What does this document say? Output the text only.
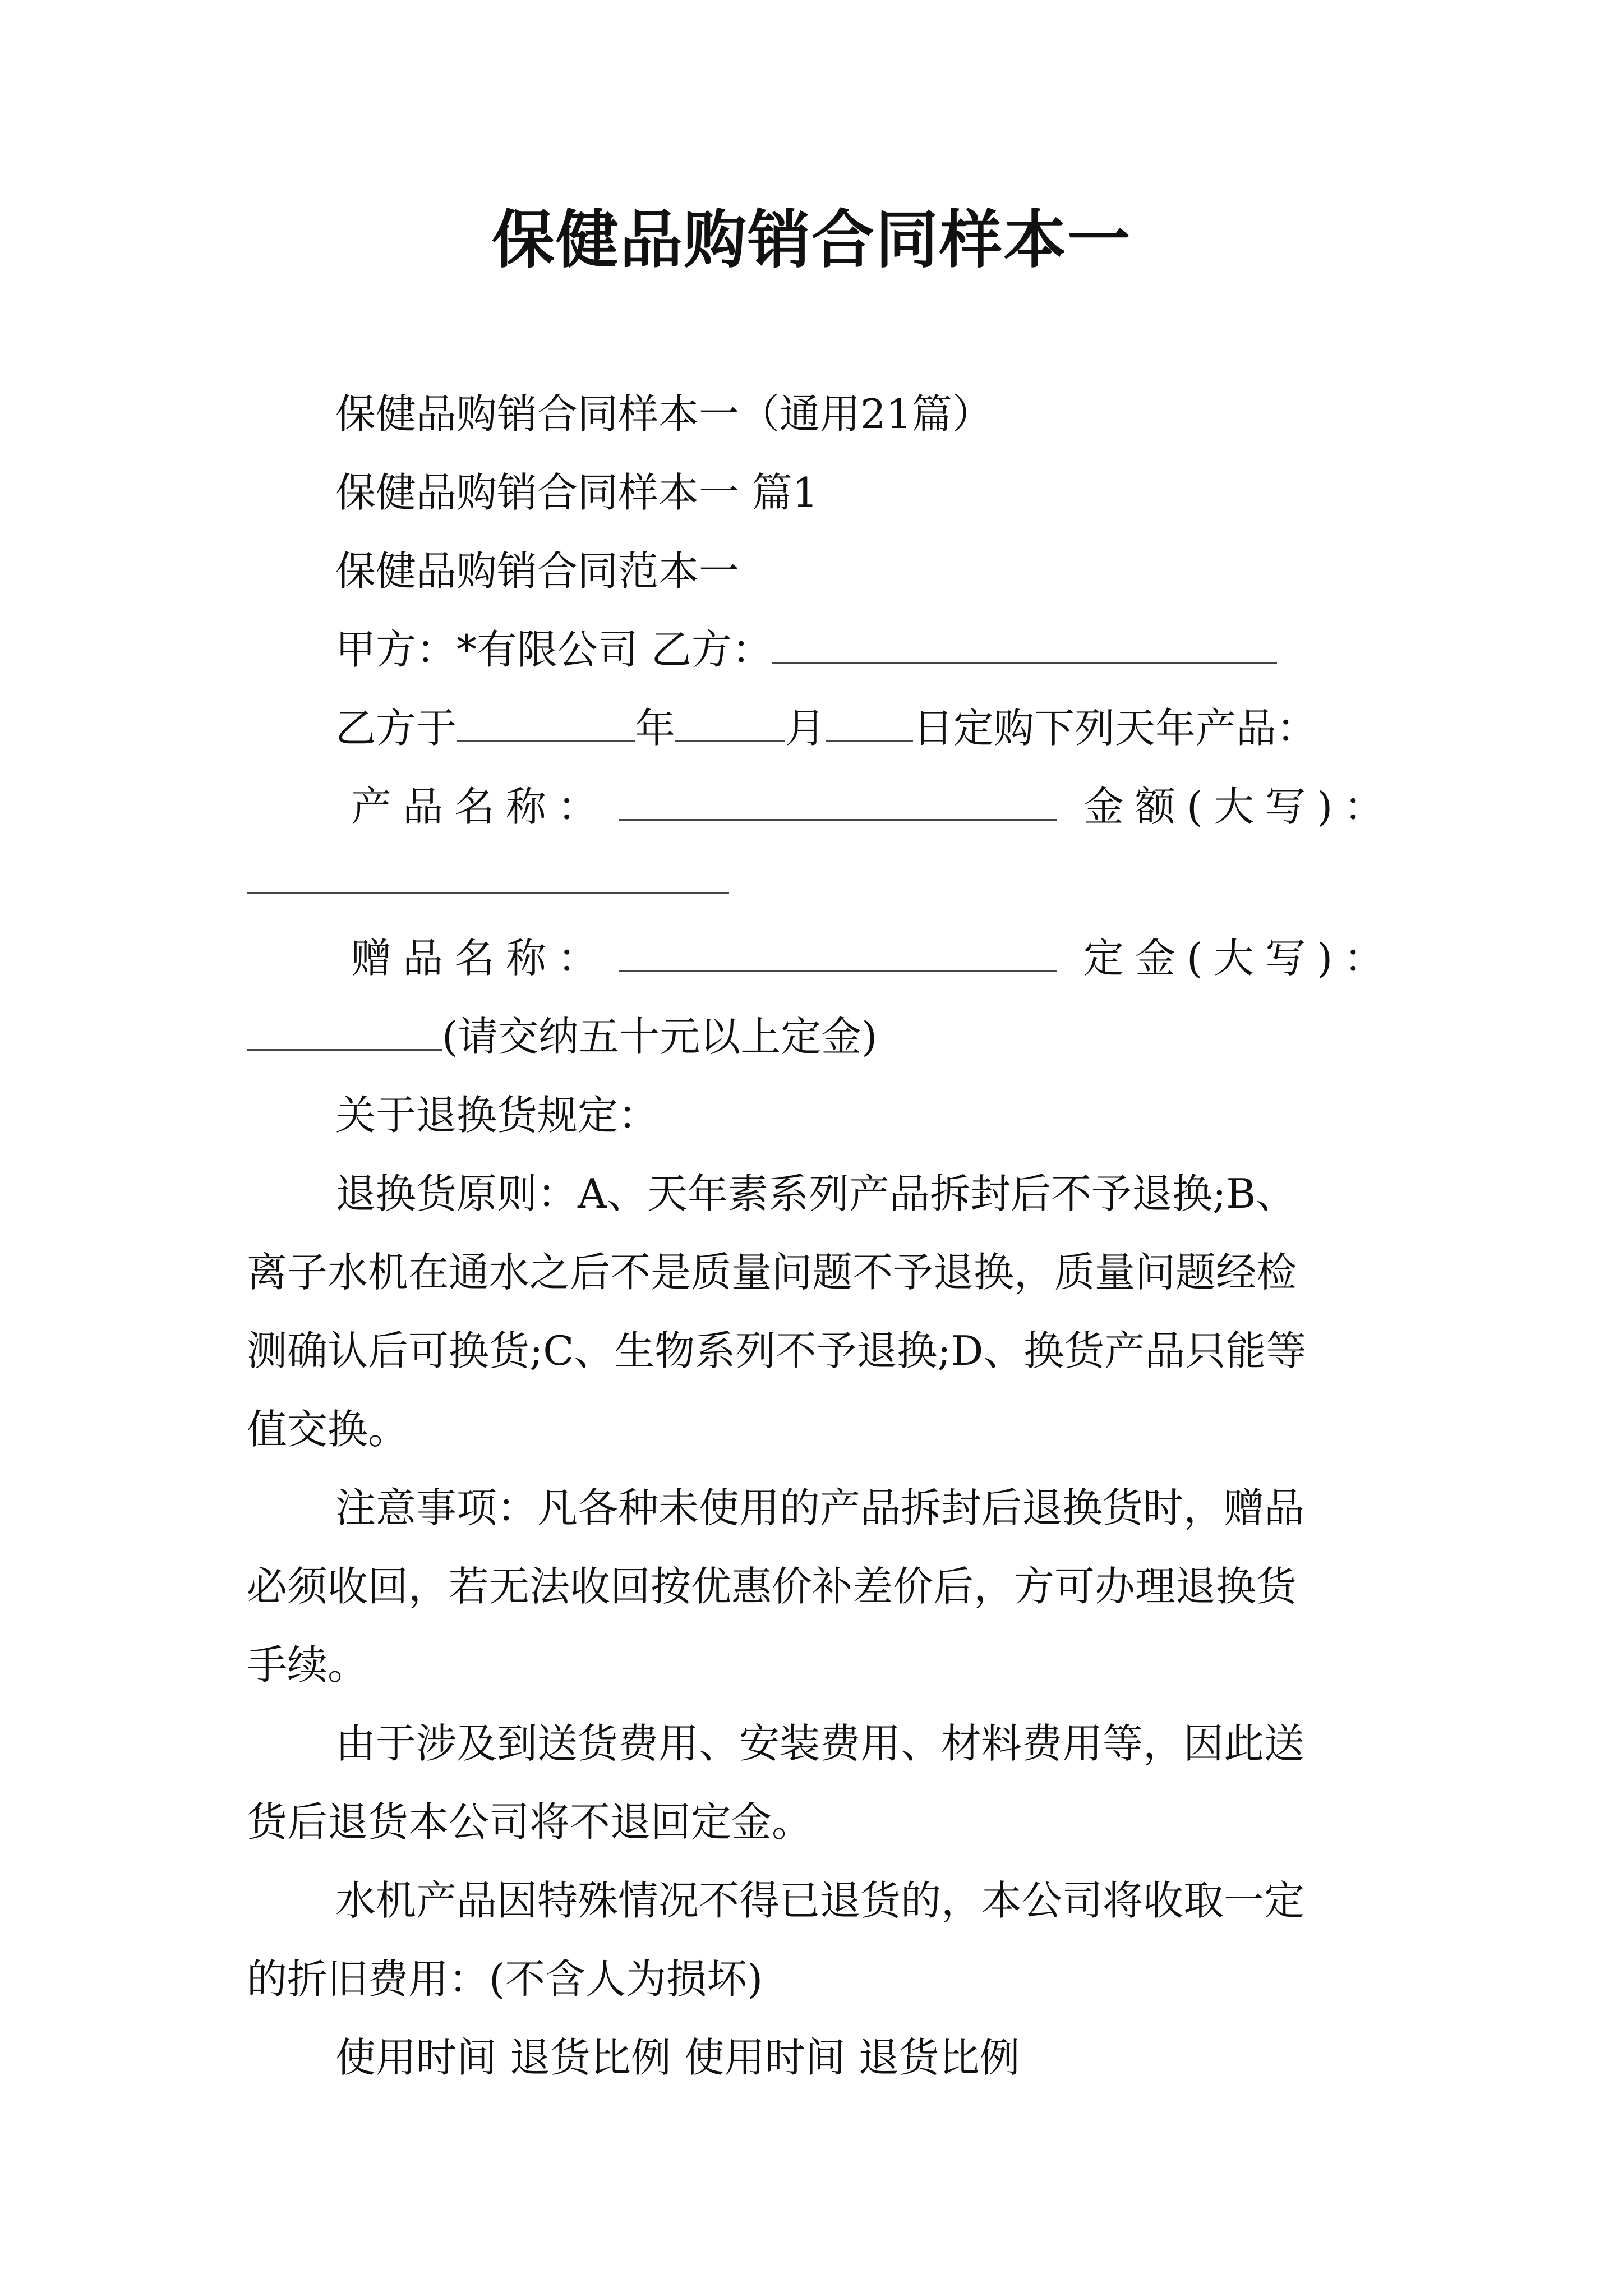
保健品购销合同样本一
保健品购销合同样本一（通用21篇）
保健品购销合同样本一 篇1
保健品购销合同范本一
甲方：*有限公司 乙方：
乙方于	年	月 日定购下列天年产品：
产品名称：	金额(大写)：
赠品名称：	定金(大写)：
(请交纳五十元以上定金)
关于退换货规定：
退换货原则：A、天年素系列产品拆封后不予退换;B、
离子水机在通水之后不是质量问题不予退换，质量问题经检
测确认后可换货;C、生物系列不予退换;D、换货产品只能等
值交换。
注意事项：凡各种未使用的产品拆封后退换货时，赠品
必须收回，若无法收回按优惠价补差价后，方可办理退换货
手续。
由于涉及到送货费用、安装费用、材料费用等，因此送
货后退货本公司将不退回定金。
水机产品因特殊情况不得已退货的，本公司将收取一定
的折旧费用：(不含人为损坏)
使用时间 退货比例 使用时间 退货比例
